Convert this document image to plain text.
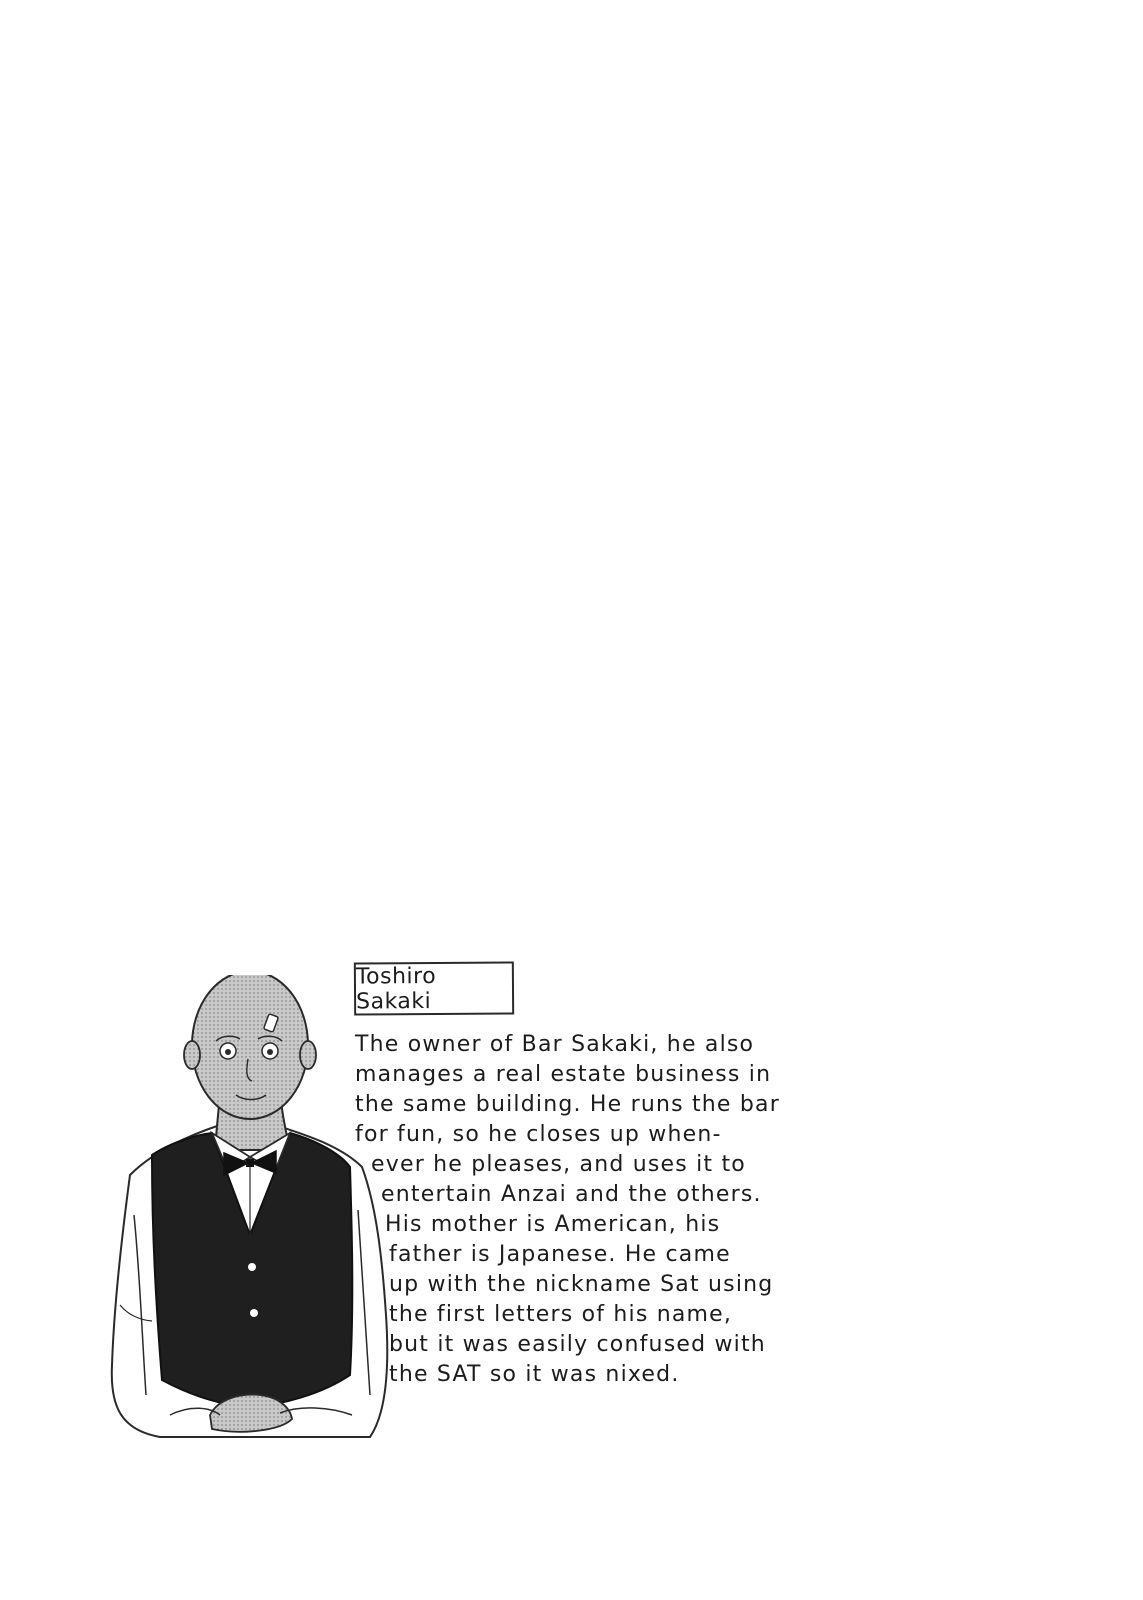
Toshiro Sakaki
The owner of Bar Sakaki, he also
manages a real estate business in
the same building. He runs the bar
for fun, so he closes up when-
ever he pleases, and uses it to
entertain Anzai and the others.
His mother is American, his
father is Japanese. He came
up with the nickname Sat using
the first letters of his name,
but it was easily confused with
the SAT so it was nixed.
